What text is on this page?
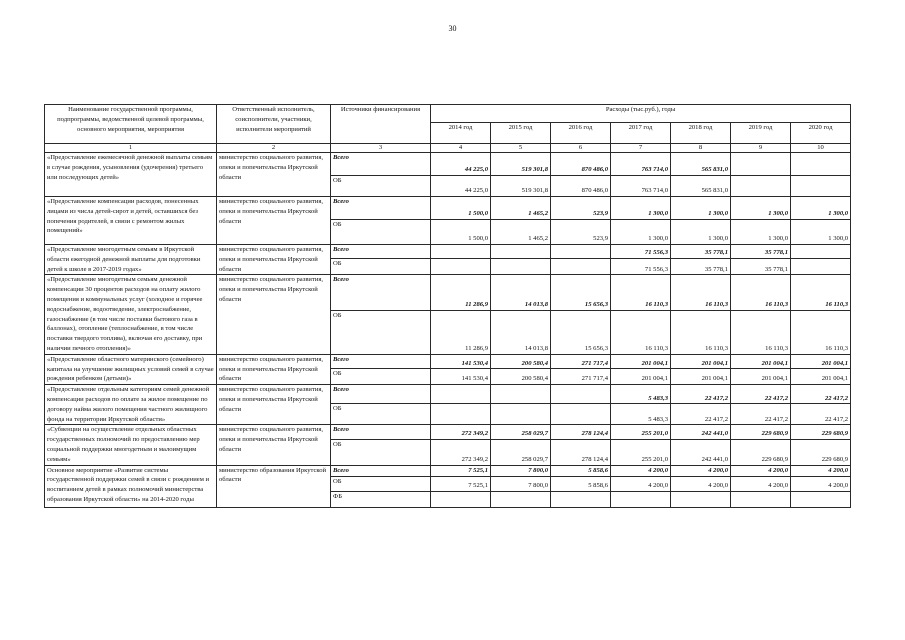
30
Наименование государственной программы, подпрограммы, ведомственной целевой программы, основного мероприятия, мероприятия	Ответственный исполнитель, соисполнители, участники, исполнители мероприятий	Источники финансирования	Расходы (тыс.руб.), годы						
			2014 год	2015 год	2016 год	2017 год	2018 год	2019 год	2020 год
1	2	3	4	5	6	7	8	9	10
«Предоставление ежемесячной денежной выплаты семьям в случае рождения, усыновления (удочерения) третьего или последующих детей»	министерство социального развития, опеки и попечительства Иркутской области	Всего	44 225,0	519 301,8	870 486,0	763 714,0	565 831,0		
		ОБ	44 225,0	519 301,8	870 486,0	763 714,0	565 831,0		
«Предоставление компенсации расходов, понесенных лицами из числа детей-сирот и детей, оставшихся без попечения родителей, в связи с ремонтом жилых помещений»	министерство социального развития, опеки и попечительства Иркутской области	Всего	1 500,0	1 465,2	523,9	1 300,0	1 300,0	1 300,0	1 300,0
		ОБ	1 500,0	1 465,2	523,9	1 300,0	1 300,0	1 300,0	1 300,0
«Предоставление многодетным семьям в Иркутской области ежегодной денежной выплаты для подготовки детей к школе в 2017-2019 годах»	министерство социального развития, опеки и попечительства Иркутской области	Всего				71 556,3	35 778,1	35 778,1	
		ОБ				71 556,3	35 778,1	35 778,1	
«Предоставление многодетным семьям денежной компенсации 30 процентов расходов на оплату жилого помещения и коммунальных услуг (холодное и горячее водоснабжение, водоотведение, электроснабжение, газоснабжение (в том числе поставки бытового газа в баллонах), отопление (теплоснабжение, в том числе поставки твердого топлива), включая его доставку, при наличии печного отопления)»	министерство социального развития, опеки и попечительства Иркутской области	Всего	11 286,9	14 013,8	15 656,3	16 110,3	16 110,3	16 110,3	16 110,3
		ОБ	11 286,9	14 013,8	15 656,3	16 110,3	16 110,3	16 110,3	16 110,3
«Предоставление областного материнского (семейного) капитала на улучшение жилищных условий семей в случае рождения ребенком (детьми)»	министерство социального развития, опеки и попечительства Иркутской области	Всего	141 530,4	200 580,4	271 717,4	201 004,1	201 004,1	201 004,1	201 004,1
		ОБ	141 530,4	200 580,4	271 717,4	201 004,1	201 004,1	201 004,1	201 004,1
«Предоставление отдельным категориям семей денежной компенсации расходов по оплате за жилое помещение по договору найма жилого помещения частного жилищного фонда на территории Иркутской области»	министерство социального развития, опеки и попечительства Иркутской области	Всего				5 483,3	22 417,2	22 417,2	22 417,2
		ОБ				5 483,3	22 417,2	22 417,2	22 417,2
«Субвенции на осуществление отдельных областных государственных полномочий по предоставлению мер социальной поддержки многодетным и малоимущим семьям»	министерство социального развития, опеки и попечительства Иркутской области	Всего	272 349,2	258 029,7	278 124,4	255 201,0	242 441,0	229 680,9	229 680,9
		ОБ	272 349,2	258 029,7	278 124,4	255 201,0	242 441,0	229 680,9	229 680,9
Основное мероприятие «Развитие системы государственной поддержки семей в связи с рождением и воспитанием детей в рамках полномочий министерства образования Иркутской области» на 2014-2020 годы	министерство образования Иркутской области	Всего	7 525,1	7 800,0	5 858,6	4 200,0	4 200,0	4 200,0	4 200,0
		ОБ	7 525,1	7 800,0	5 858,6	4 200,0	4 200,0	4 200,0	4 200,0
		ФБ							
